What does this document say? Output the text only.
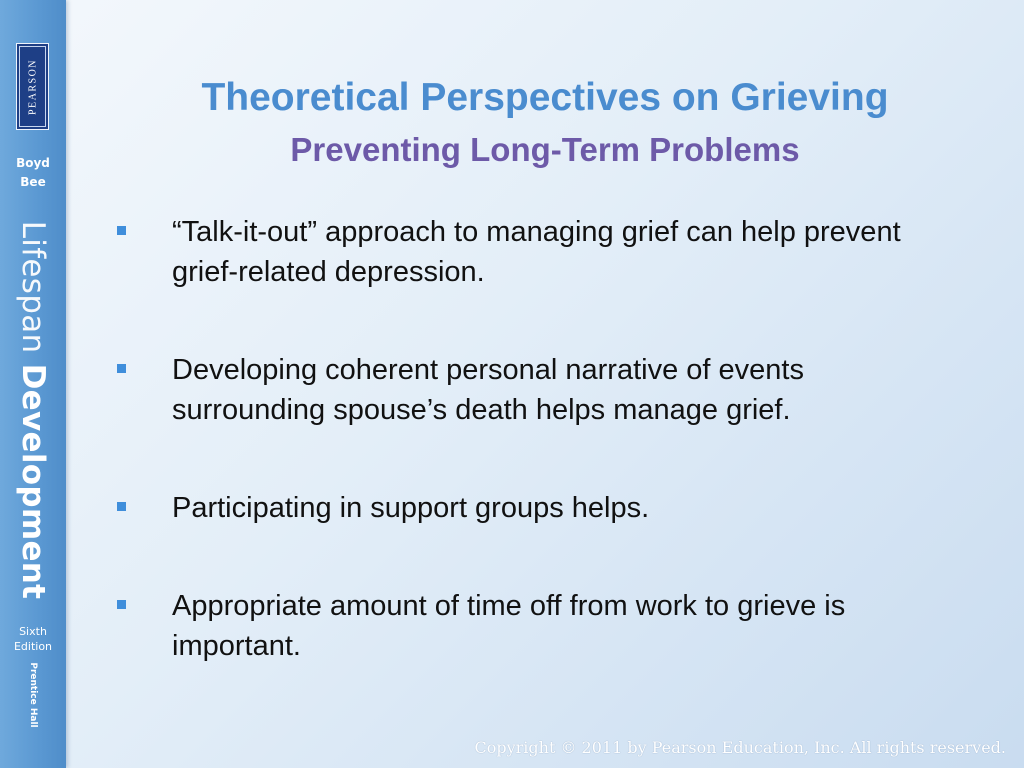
PEARSON
Boyd
Bee
Lifespan Development
Sixth
Edition
Prentice Hall
Theoretical Perspectives on Grieving
Preventing Long-Term Problems
“Talk-it-out” approach to managing grief can help prevent grief-related depression.
Developing coherent personal narrative of events surrounding spouse’s death helps manage grief.
Participating in support groups helps.
Appropriate amount of time off from work to grieve is important.
Copyright © 2011 by Pearson Education, Inc. All rights reserved.
